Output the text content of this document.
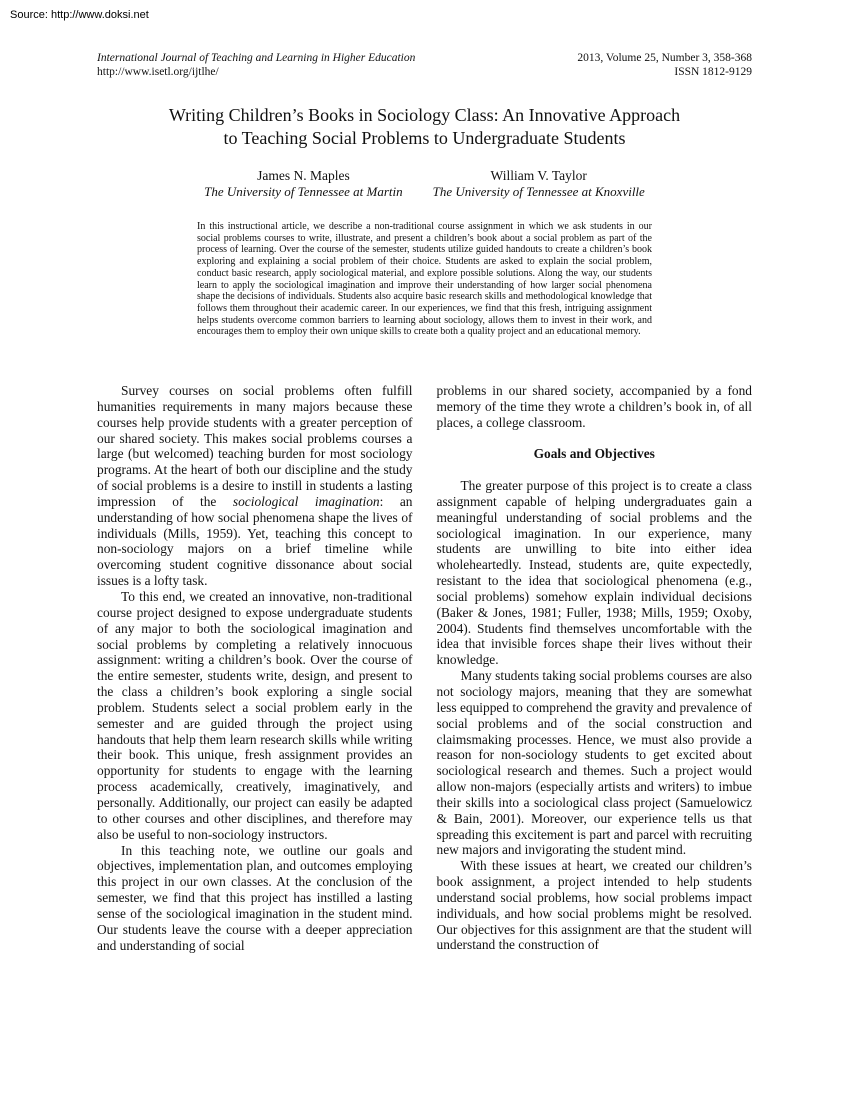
Source: http://www.doksi.net
International Journal of Teaching and Learning in Higher Education
http://www.isetl.org/ijtlhe/
2013, Volume 25, Number 3, 358-368
ISSN 1812-9129
Writing Children’s Books in Sociology Class: An Innovative Approach
to Teaching Social Problems to Undergraduate Students
James N. Maples
The University of Tennessee at Martin
William V. Taylor
The University of Tennessee at Knoxville

In this instructional article, we describe a non-traditional course assignment in which we ask students in our social problems courses to write, illustrate, and present a children’s book about a social problem as part of the process of learning. Over the course of the semester, students utilize guided handouts to create a children’s book exploring and explaining a social problem of their choice. Students are asked to explain the social problem, conduct basic research, apply sociological material, and explore possible solutions. Along the way, our students learn to apply the sociological imagination and improve their understanding of how larger social phenomena shape the decisions of individuals. Students also acquire basic research skills and methodological knowledge that follows them throughout their academic career. In our experiences, we find that this fresh, intriguing assignment helps students overcome common barriers to learning about sociology, allows them to invest in their work, and encourages them to employ their own unique skills to create both a quality project and an educational memory.

Survey courses on social problems often fulfill humanities requirements in many majors because these courses help provide students with a greater perception of our shared society. This makes social problems courses a large (but welcomed) teaching burden for most sociology programs. At the heart of both our discipline and the study of social problems is a desire to instill in students a lasting impression of the sociological imagination: an understanding of how social phenomena shape the lives of individuals (Mills, 1959). Yet, teaching this concept to non-sociology majors on a brief timeline while overcoming student cognitive dissonance about social issues is a lofty task.

To this end, we created an innovative, non-traditional course project designed to expose undergraduate students of any major to both the sociological imagination and social problems by completing a relatively innocuous assignment: writing a children’s book. Over the course of the entire semester, students write, design, and present to the class a children’s book exploring a single social problem. Students select a social problem early in the semester and are guided through the project using handouts that help them learn research skills while writing their book. This unique, fresh assignment provides an opportunity for students to engage with the learning process academically, creatively, imaginatively, and personally. Additionally, our project can easily be adapted to other courses and other disciplines, and therefore may also be useful to non-sociology instructors.

In this teaching note, we outline our goals and objectives, implementation plan, and outcomes employing this project in our own classes. At the conclusion of the semester, we find that this project has instilled a lasting sense of the sociological imagination in the student mind. Our students leave the course with a deeper appreciation and understanding of social

problems in our shared society, accompanied by a fond memory of the time they wrote a children’s book in, of all places, a college classroom.

Goals and Objectives

The greater purpose of this project is to create a class assignment capable of helping undergraduates gain a meaningful understanding of social problems and the sociological imagination. In our experience, many students are unwilling to bite into either idea wholeheartedly. Instead, students are, quite expectedly, resistant to the idea that sociological phenomena (e.g., social problems) somehow explain individual decisions (Baker & Jones, 1981; Fuller, 1938; Mills, 1959; Oxoby, 2004). Students find themselves uncomfortable with the idea that invisible forces shape their lives without their knowledge.

Many students taking social problems courses are also not sociology majors, meaning that they are somewhat less equipped to comprehend the gravity and prevalence of social problems and of the social construction and claimsmaking processes. Hence, we must also provide a reason for non-sociology students to get excited about sociological research and themes. Such a project would allow non-majors (especially artists and writers) to imbue their skills into a sociological class project (Samuelowicz & Bain, 2001). Moreover, our experience tells us that spreading this excitement is part and parcel with recruiting new majors and invigorating the student mind.

With these issues at heart, we created our children’s book assignment, a project intended to help students understand social problems, how social problems impact individuals, and how social problems might be resolved. Our objectives for this assignment are that the student will understand the construction of
